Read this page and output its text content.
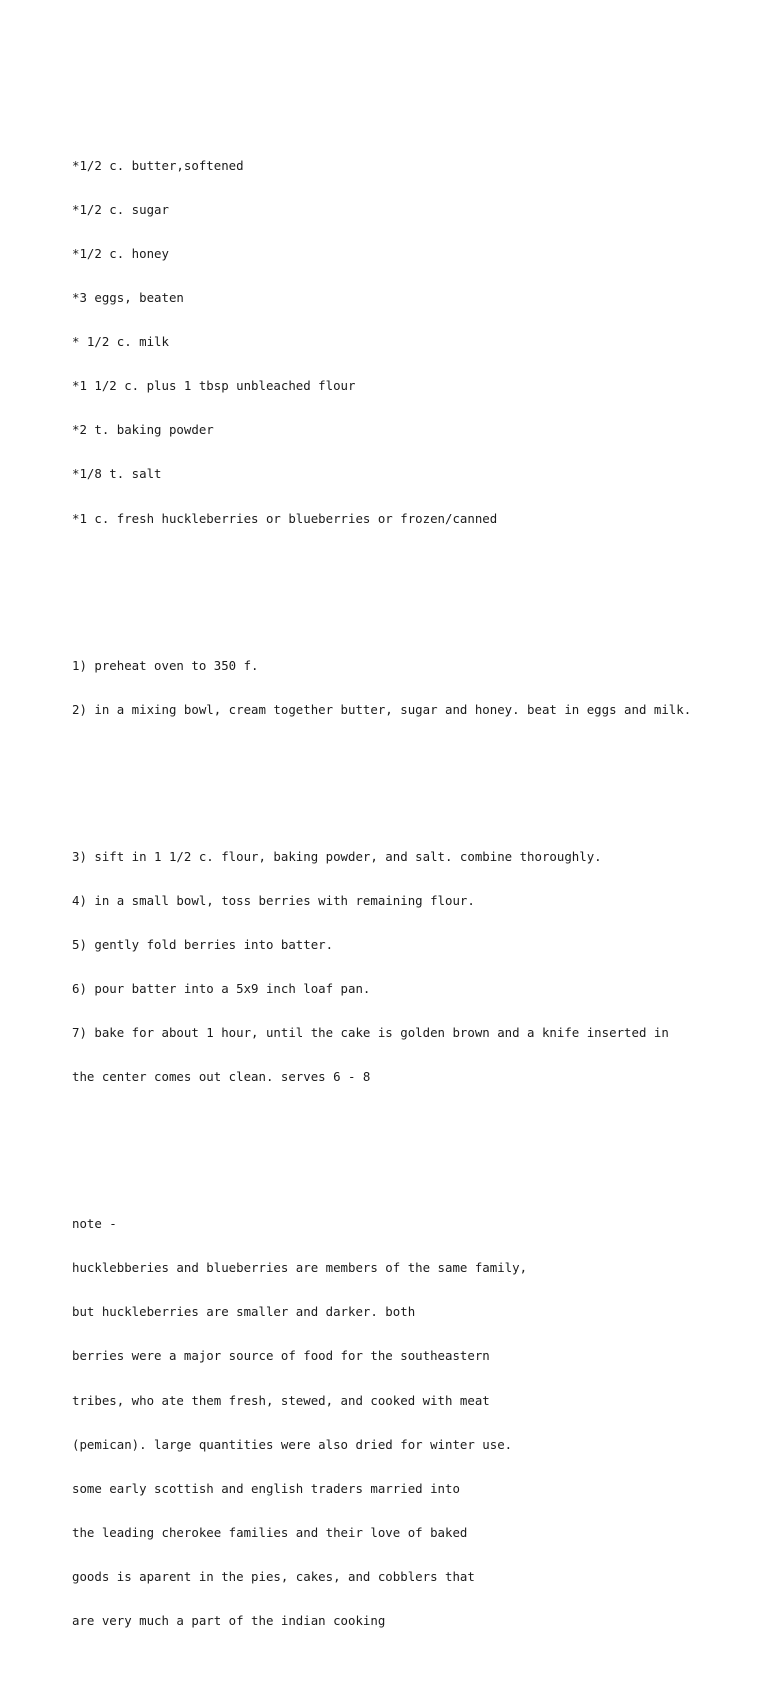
*1/2 c. butter,softened

*1/2 c. sugar

*1/2 c. honey

*3 eggs, beaten

* 1/2 c. milk

*1 1/2 c. plus 1 tbsp unbleached flour

*2 t. baking powder

*1/8 t. salt

*1 c. fresh huckleberries or blueberries or frozen/canned

1) preheat oven to 350 f.

2) in a mixing bowl, cream together butter, sugar and honey. beat in eggs and milk.

3) sift in 1 1/2 c. flour, baking powder, and salt. combine thoroughly.

4) in a small bowl, toss berries with remaining flour.

5) gently fold berries into batter.

6) pour batter into a 5x9 inch loaf pan.

7) bake for about 1 hour, until the cake is golden brown and a knife inserted in

the center comes out clean. serves 6 - 8

note -

hucklebberies and blueberries are members of the same family,

but huckleberries are smaller and darker. both

berries were a major source of food for the southeastern

tribes, who ate them fresh, stewed, and cooked with meat

(pemican). large quantities were also dried for winter use.

some early scottish and english traders married into

the leading cherokee families and their love of baked

goods is aparent in the pies, cakes, and cobblers that

are very much a part of the indian cooking
